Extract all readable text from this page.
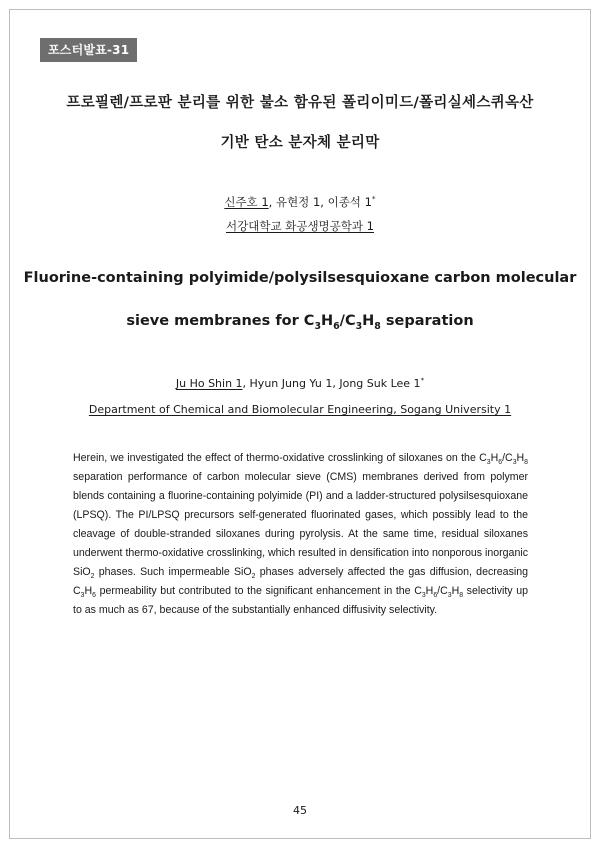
포스터발표-31
프로필렌/프로판 분리를 위한 불소 함유된 폴리이미드/폴리실세스퀴옥산
기반 탄소 분자체 분리막
신주호 1, 유현정 1, 이종석 1*
서강대학교 화공생명공학과 1
Fluorine-containing polyimide/polysilsesquioxane carbon molecular
sieve membranes for $C_3H_6/C_3H_8$ separation
Ju Ho Shin 1, Hyun Jung Yu 1, Jong Suk Lee 1*
Department of Chemical and Biomolecular Engineering, Sogang University 1
Herein, we investigated the effect of thermo-oxidative crosslinking of siloxanes on the $C_3H_6/C_3H_8$ separation performance of carbon molecular sieve (CMS) membranes derived from polymer blends containing a fluorine-containing polyimide (PI) and a ladder-structured polysilsesquioxane (LPSQ). The PI/LPSQ precursors self-generated fluorinated gases, which possibly lead to the cleavage of double-stranded siloxanes during pyrolysis. At the same time, residual siloxanes underwent thermo-oxidative crosslinking, which resulted in densification into nonporous inorganic SiO$_2$ phases. Such impermeable SiO$_2$ phases adversely affected the gas diffusion, decreasing $C_3H_6$ permeability but contributed to the significant enhancement in the $C_3H_6/C_3H_8$ selectivity up to as much as 67, because of the substantially enhanced diffusivity selectivity.
45
